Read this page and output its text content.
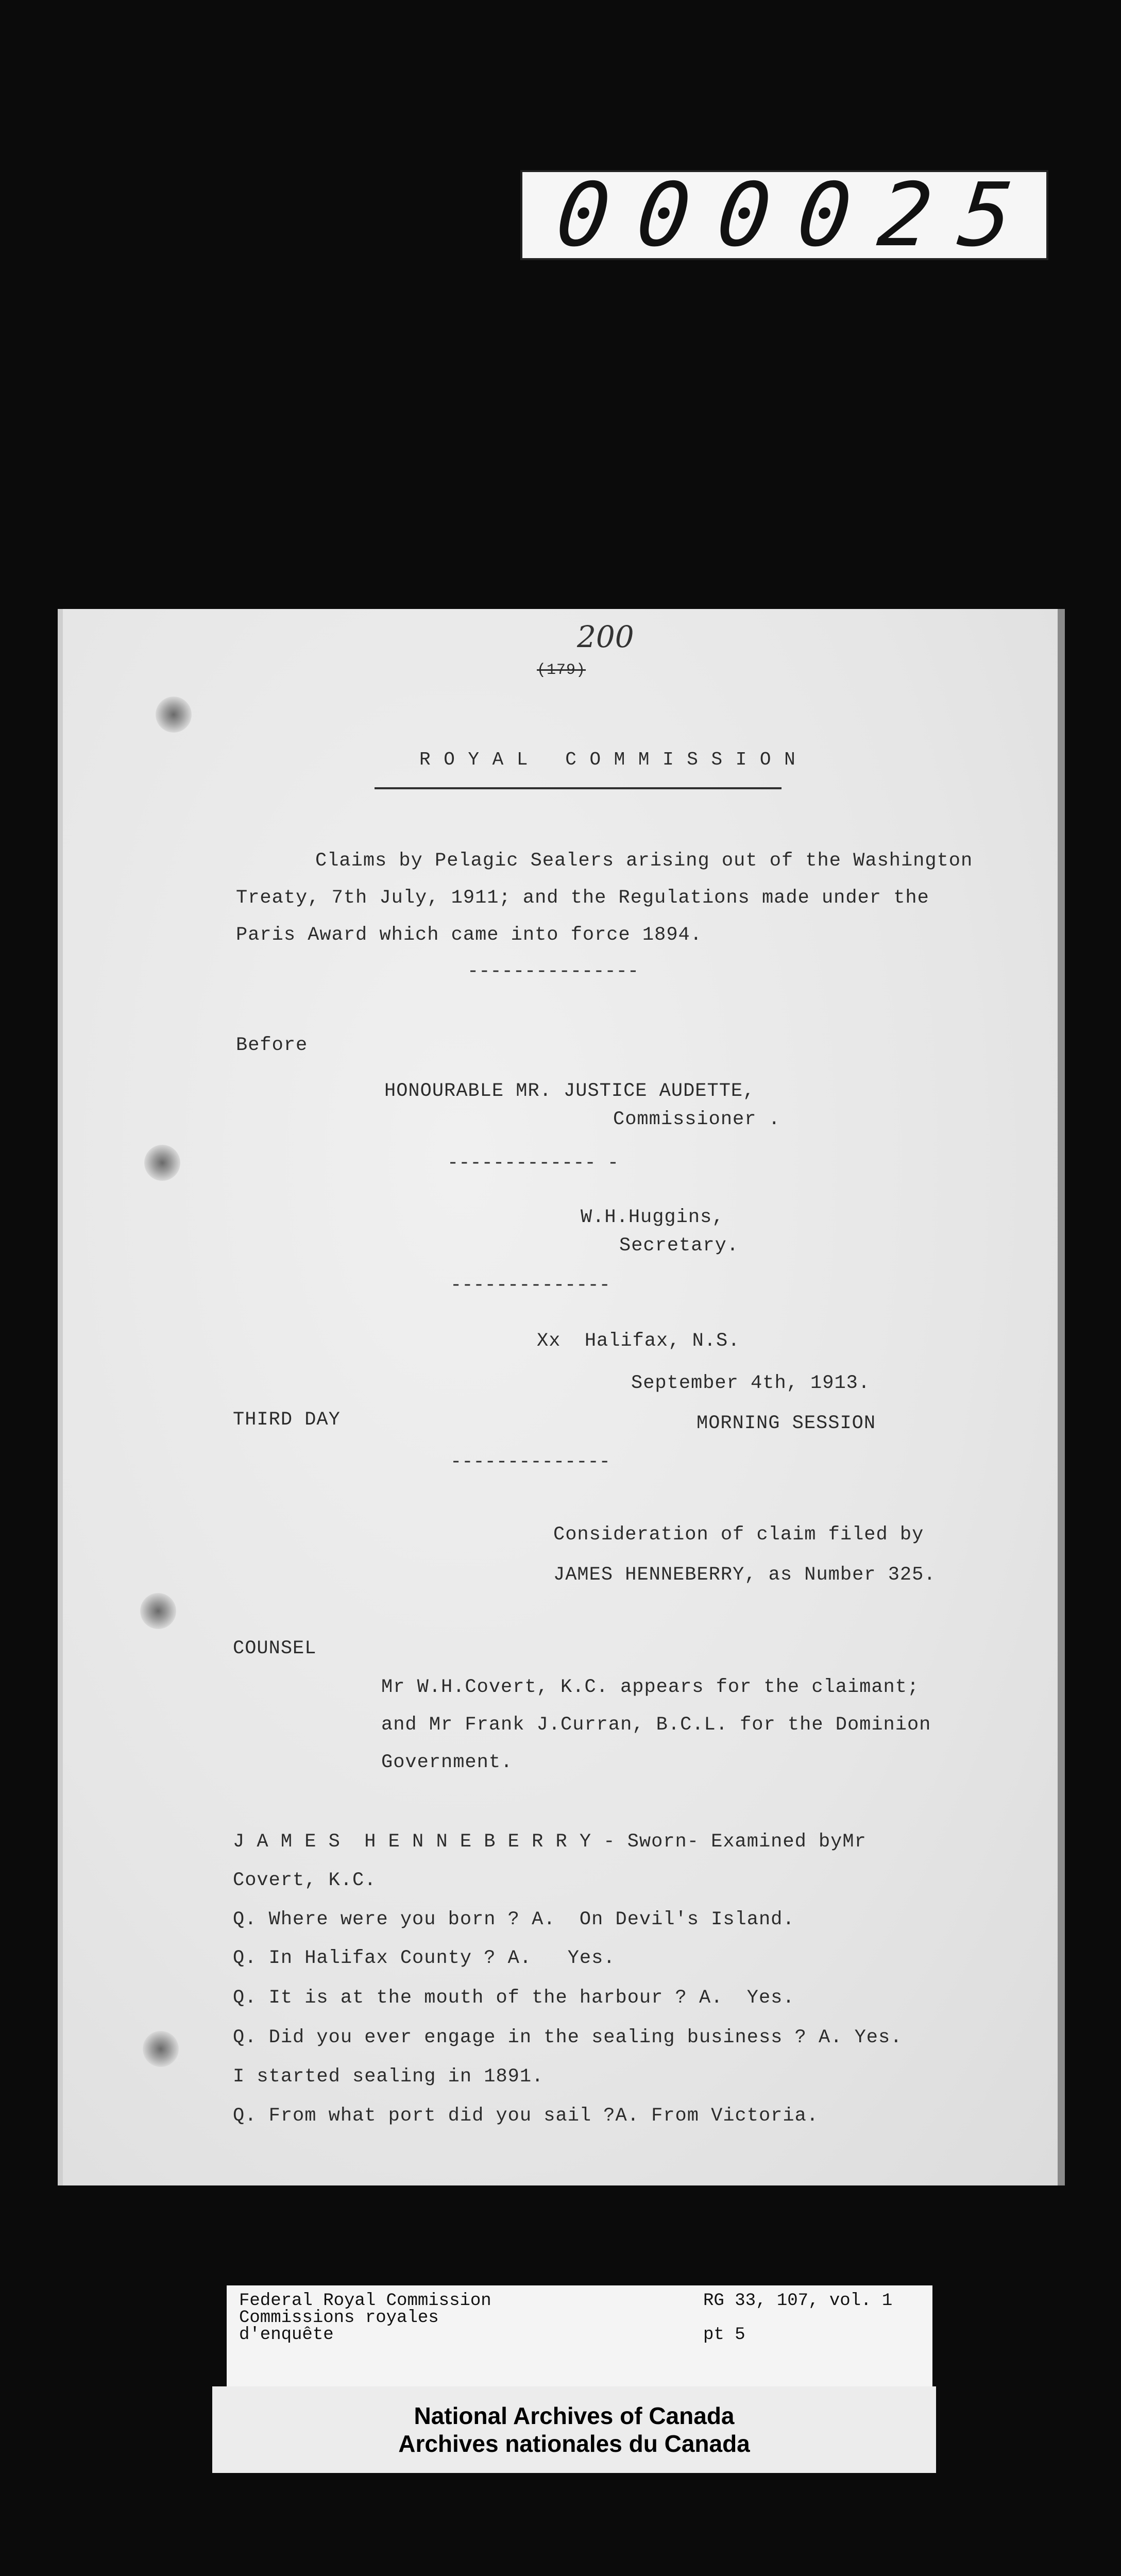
0 0 0 0 2 5
200
(179)
R O Y A L   C O M M I S S I O N
Claims by Pelagic Sealers arising out of the Washington
Treaty, 7th July, 1911; and the Regulations made under the
Paris Award which came into force 1894.
---------------
Before
HONOURABLE MR. JUSTICE AUDETTE,
Commissioner .
------------- -
W.H.Huggins,
Secretary.
--------------
Xx  Halifax, N.S.
September 4th, 1913.
THIRD DAY	MORNING SESSION
--------------
Consideration of claim filed by
JAMES HENNEBERRY, as Number 325.
COUNSEL
Mr W.H.Covert, K.C. appears for the claimant;
and Mr Frank J.Curran, B.C.L. for the Dominion
Government.
J A M E S  H E N N E B E R R Y - Sworn- Examined byMr
Covert, K.C.
Q. Where were you born ? A.  On Devil's Island.
Q. In Halifax County ? A.   Yes.
Q. It is at the mouth of the harbour ? A.  Yes.
Q. Did you ever engage in the sealing business ? A. Yes.
I started sealing in 1891.
Q. From what port did you sail ?A. From Victoria.
Federal Royal Commission
Commissions royales
d'enquête
RG 33, 107, vol. 1

pt 5
National Archives of Canada
Archives nationales du Canada
